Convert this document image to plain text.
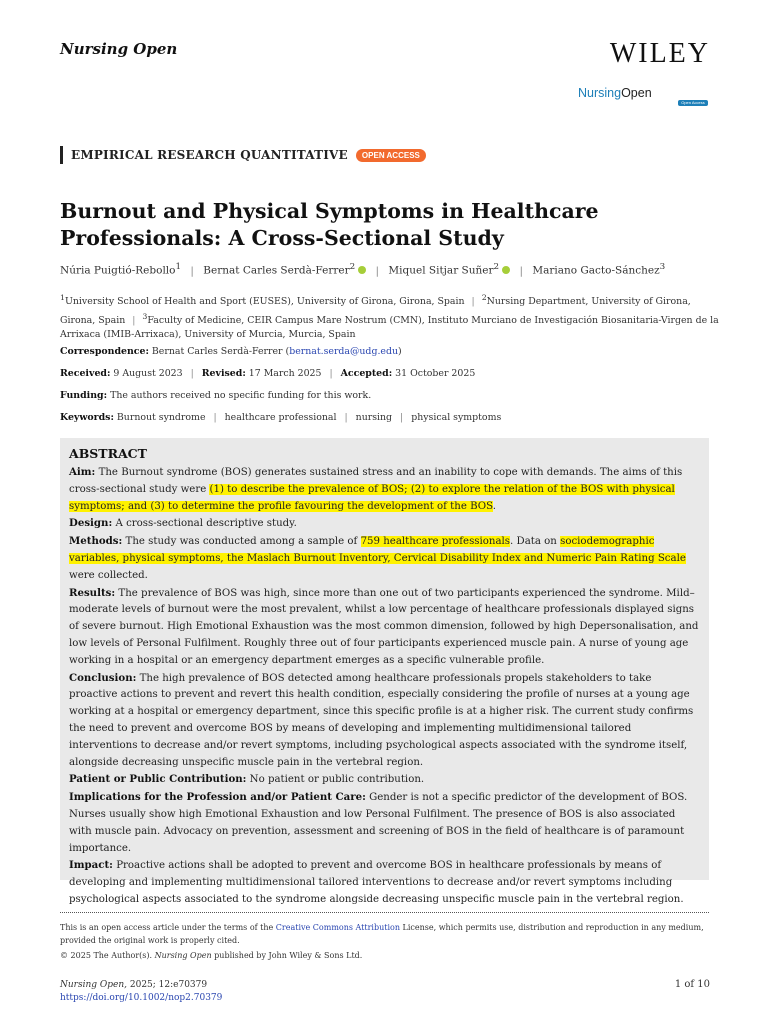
Nursing Open	WILEY
NursingOpen
Open Access
EMPIRICAL RESEARCH QUANTITATIVE	OPEN ACCESS
Burnout and Physical Symptoms in Healthcare Professionals: A Cross-Sectional Study
Núria Puigtió-Rebollo$^1$ | Bernat Carles Serdà-Ferrer$^2$ | Miquel Sitjar Suñer$^2$ | Mariano Gacto-Sánchez$^3$
$^1$University School of Health and Sport (EUSES), University of Girona, Girona, Spain | $^2$Nursing Department, University of Girona, Girona, Spain | $^3$Faculty of Medicine, CEIR Campus Mare Nostrum (CMN), Instituto Murciano de Investigación Biosanitaria-Virgen de la Arrixaca (IMIB-Arrixaca), University of Murcia, Murcia, Spain
Correspondence: Bernat Carles Serdà-Ferrer (bernat.serda@udg.edu)
Received: 9 August 2023 | Revised: 17 March 2025 | Accepted: 31 October 2025
Funding: The authors received no specific funding for this work.
Keywords: Burnout syndrome | healthcare professional | nursing | physical symptoms
ABSTRACT

Aim: The Burnout syndrome (BOS) generates sustained stress and an inability to cope with demands. The aims of this cross-sectional study were (1) to describe the prevalence of BOS; (2) to explore the relation of the BOS with physical symptoms; and (3) to determine the profile favouring the development of the BOS.

Design: A cross-sectional descriptive study.

Methods: The study was conducted among a sample of 759 healthcare professionals. Data on sociodemographic variables, physical symptoms, the Maslach Burnout Inventory, Cervical Disability Index and Numeric Pain Rating Scale were collected.

Results: The prevalence of BOS was high, since more than one out of two participants experienced the syndrome. Mild–moderate levels of burnout were the most prevalent, whilst a low percentage of healthcare professionals displayed signs of severe burnout. High Emotional Exhaustion was the most common dimension, followed by high Depersonalisation, and low levels of Personal Fulfilment. Roughly three out of four participants experienced muscle pain. A nurse of young age working in a hospital or an emergency department emerges as a specific vulnerable profile.

Conclusion: The high prevalence of BOS detected among healthcare professionals propels stakeholders to take proactive actions to prevent and revert this health condition, especially considering the profile of nurses at a young age working at a hospital or emergency department, since this specific profile is at a higher risk. The current study confirms the need to prevent and overcome BOS by means of developing and implementing multidimensional tailored interventions to decrease and/or revert symptoms, including psychological aspects associated with the syndrome itself, alongside decreasing unspecific muscle pain in the vertebral region.

Patient or Public Contribution: No patient or public contribution.

Implications for the Profession and/or Patient Care: Gender is not a specific predictor of the development of BOS. Nurses usually show high Emotional Exhaustion and low Personal Fulfilment. The presence of BOS is also associated with muscle pain. Advocacy on prevention, assessment and screening of BOS in the field of healthcare is of paramount importance.

Impact: Proactive actions shall be adopted to prevent and overcome BOS in healthcare professionals by means of developing and implementing multidimensional tailored interventions to decrease and/or revert symptoms including psychological aspects associated to the syndrome alongside decreasing unspecific muscle pain in the vertebral region.

This is an open access article under the terms of the Creative Commons Attribution License, which permits use, distribution and reproduction in any medium, provided the original work is properly cited.
© 2025 The Author(s). Nursing Open published by John Wiley & Sons Ltd.
Nursing Open, 2025; 12:e70379
https://doi.org/10.1002/nop2.70379
1 of 10
